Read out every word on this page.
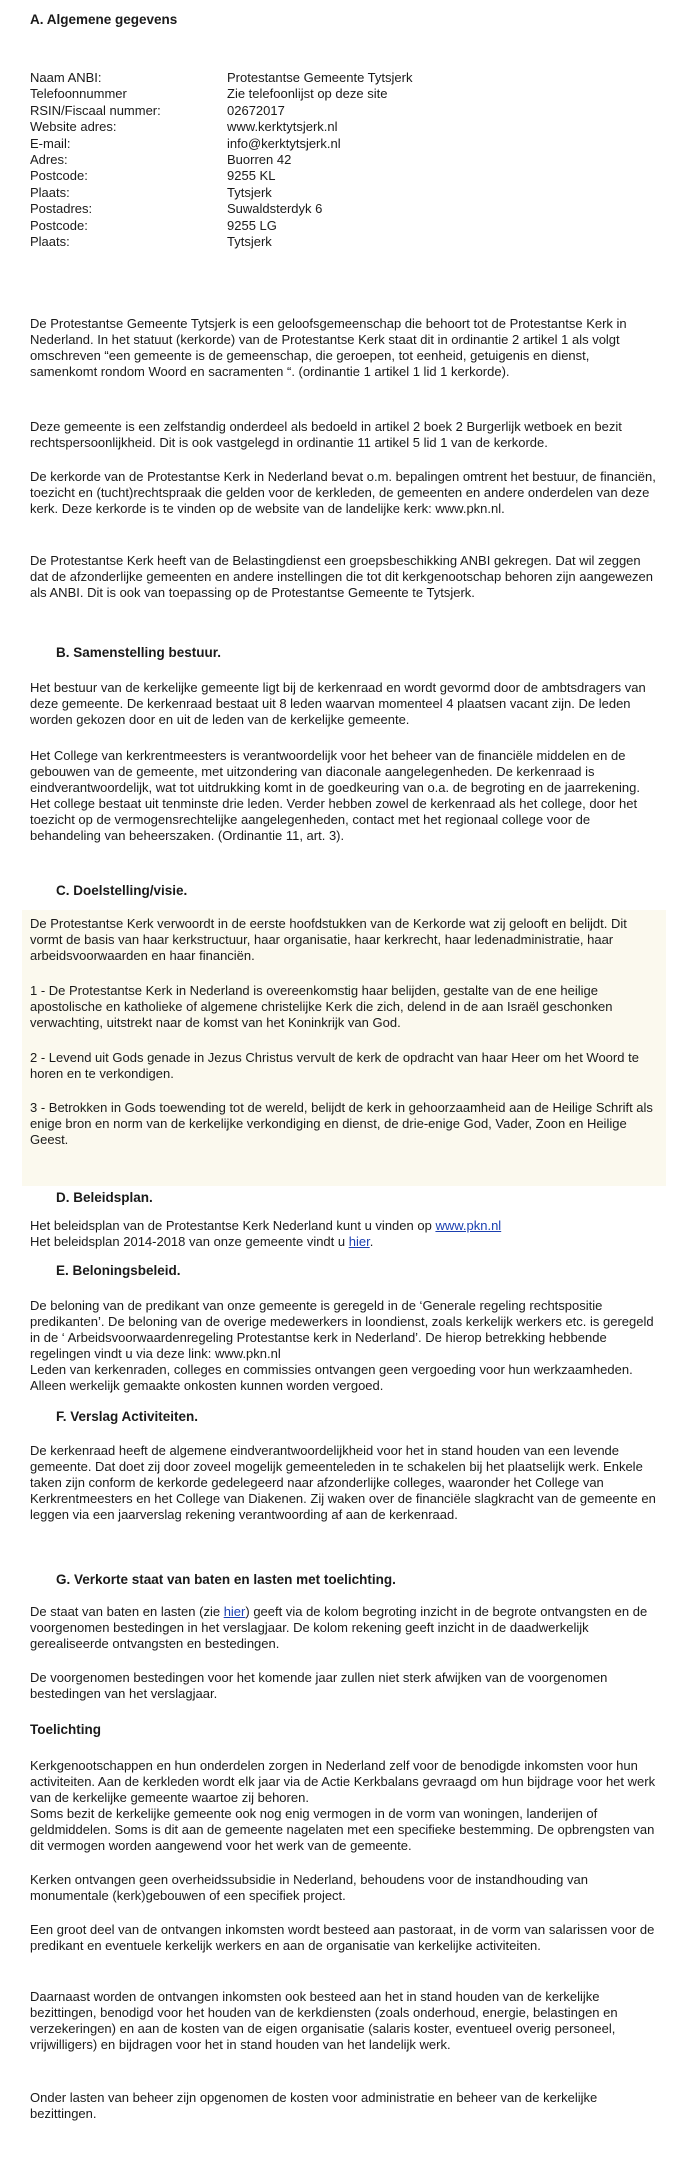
A. Algemene gegevens
Naam ANBI:	Protestantse Gemeente Tytsjerk
Telefoonnummer	Zie telefoonlijst op deze site
RSIN/Fiscaal nummer:	02672017
Website adres:	www.kerktytsjerk.nl
E-mail:	info@kerktytsjerk.nl
Adres:	Buorren 42
Postcode:	9255 KL
Plaats:	Tytsjerk
Postadres:	Suwaldsterdyk 6
Postcode:	9255 LG
Plaats:	Tytsjerk

De Protestantse Gemeente Tytsjerk is een geloofsgemeenschap die behoort tot de Protestantse Kerk in Nederland. In het statuut (kerkorde) van de Protestantse Kerk staat dit in ordinantie 2 artikel 1 als volgt omschreven “een gemeente is de gemeenschap, die geroepen, tot eenheid, getuigenis en dienst, samenkomt rondom Woord en sacramenten “. (ordinantie 1 artikel 1 lid 1 kerkorde).

Deze gemeente is een zelfstandig onderdeel als bedoeld in artikel 2 boek 2 Burgerlijk wetboek en bezit rechtspersoonlijkheid. Dit is ook vastgelegd in ordinantie 11 artikel 5 lid 1 van de kerkorde.

De kerkorde van de Protestantse Kerk in Nederland bevat o.m. bepalingen omtrent het bestuur, de financiën, toezicht en (tucht)rechtspraak die gelden voor de kerkleden, de gemeenten en andere onderdelen van deze kerk. Deze kerkorde is te vinden op de website van de landelijke kerk: www.pkn.nl.

De Protestantse Kerk heeft van de Belastingdienst een groepsbeschikking ANBI gekregen. Dat wil zeggen dat de afzonderlijke gemeenten en andere instellingen die tot dit kerkgenootschap behoren zijn aangewezen als ANBI. Dit is ook van toepassing op de Protestantse Gemeente te Tytsjerk.

B. Samenstelling bestuur.

Het bestuur van de kerkelijke gemeente ligt bij de kerkenraad en wordt gevormd door de ambtsdragers van deze gemeente. De kerkenraad bestaat uit 8 leden waarvan momenteel 4 plaatsen vacant zijn. De leden worden gekozen door en uit de leden van de kerkelijke gemeente.

Het College van kerkrentmeesters is verantwoordelijk voor het beheer van de financiële middelen en de gebouwen van de gemeente, met uitzondering van diaconale aangelegenheden. De kerkenraad is eindverantwoordelijk, wat tot uitdrukking komt in de goedkeuring van o.a. de begroting en de jaarrekening. Het college bestaat uit tenminste drie leden. Verder hebben zowel de kerkenraad als het college, door het toezicht op de vermogensrechtelijke aangelegenheden, contact met het regionaal college voor de behandeling van beheerszaken. (Ordinantie 11, art. 3).

C. Doelstelling/visie.

De Protestantse Kerk verwoordt in de eerste hoofdstukken van de Kerkorde wat zij gelooft en belijdt. Dit vormt de basis van haar kerkstructuur, haar organisatie, haar kerkrecht, haar ledenadministratie, haar arbeidsvoorwaarden en haar financiën.

1 - De Protestantse Kerk in Nederland is overeenkomstig haar belijden, gestalte van de ene heilige apostolische en katholieke of algemene christelijke Kerk die zich, delend in de aan Israël geschonken verwachting, uitstrekt naar de komst van het Koninkrijk van God.

2 - Levend uit Gods genade in Jezus Christus vervult de kerk de opdracht van haar Heer om het Woord te horen en te verkondigen.

3 - Betrokken in Gods toewending tot de wereld, belijdt de kerk in gehoorzaamheid aan de Heilige Schrift als enige bron en norm van de kerkelijke verkondiging en dienst, de drie-enige God, Vader, Zoon en Heilige Geest.

D. Beleidsplan.

Het beleidsplan van de Protestantse Kerk Nederland kunt u vinden op www.pkn.nl

Het beleidsplan 2014-2018 van onze gemeente vindt u hier.

E. Beloningsbeleid.

De beloning van de predikant van onze gemeente is geregeld in de ‘Generale regeling rechtspositie predikanten’. De beloning van de overige medewerkers in loondienst, zoals kerkelijk werkers etc. is geregeld in de ‘ Arbeidsvoorwaardenregeling Protestantse kerk in Nederland’. De hierop betrekking hebbende regelingen vindt u via deze link: www.pkn.nl

Leden van kerkenraden, colleges en commissies ontvangen geen vergoeding voor hun werkzaamheden. Alleen werkelijk gemaakte onkosten kunnen worden vergoed.

F. Verslag Activiteiten.

De kerkenraad heeft de algemene eindverantwoordelijkheid voor het in stand houden van een levende gemeente. Dat doet zij door zoveel mogelijk gemeenteleden in te schakelen bij het plaatselijk werk. Enkele taken zijn conform de kerkorde gedelegeerd naar afzonderlijke colleges, waaronder het College van Kerkrentmeesters en het College van Diakenen. Zij waken over de financiële slagkracht van de gemeente en leggen via een jaarverslag rekening verantwoording af aan de kerkenraad.

G. Verkorte staat van baten en lasten met toelichting.

De staat van baten en lasten (zie hier) geeft via de kolom begroting inzicht in de begrote ontvangsten en de voorgenomen bestedingen in het verslagjaar. De kolom rekening geeft inzicht in de daadwerkelijk gerealiseerde ontvangsten en bestedingen.

De voorgenomen bestedingen voor het komende jaar zullen niet sterk afwijken van de voorgenomen bestedingen van het verslagjaar.

Toelichting

Kerkgenootschappen en hun onderdelen zorgen in Nederland zelf voor de benodigde inkomsten voor hun activiteiten. Aan de kerkleden wordt elk jaar via de Actie Kerkbalans gevraagd om hun bijdrage voor het werk van de kerkelijke gemeente waartoe zij behoren.

Soms bezit de kerkelijke gemeente ook nog enig vermogen in de vorm van woningen, landerijen of geldmiddelen. Soms is dit aan de gemeente nagelaten met een specifieke bestemming. De opbrengsten van dit vermogen worden aangewend voor het werk van de gemeente.

Kerken ontvangen geen overheidssubsidie in Nederland, behoudens voor de instandhouding van monumentale (kerk)gebouwen of een specifiek project.

Een groot deel van de ontvangen inkomsten wordt besteed aan pastoraat, in de vorm van salarissen voor de predikant en eventuele kerkelijk werkers en aan de organisatie van kerkelijke activiteiten.

Daarnaast worden de ontvangen inkomsten ook besteed aan het in stand houden van de kerkelijke bezittingen, benodigd voor het houden van de kerkdiensten (zoals onderhoud, energie, belastingen en verzekeringen) en aan de kosten van de eigen organisatie (salaris koster, eventueel overig personeel, vrijwilligers) en bijdragen voor het in stand houden van het landelijk werk.

Onder lasten van beheer zijn opgenomen de kosten voor administratie en beheer van de kerkelijke bezittingen.
